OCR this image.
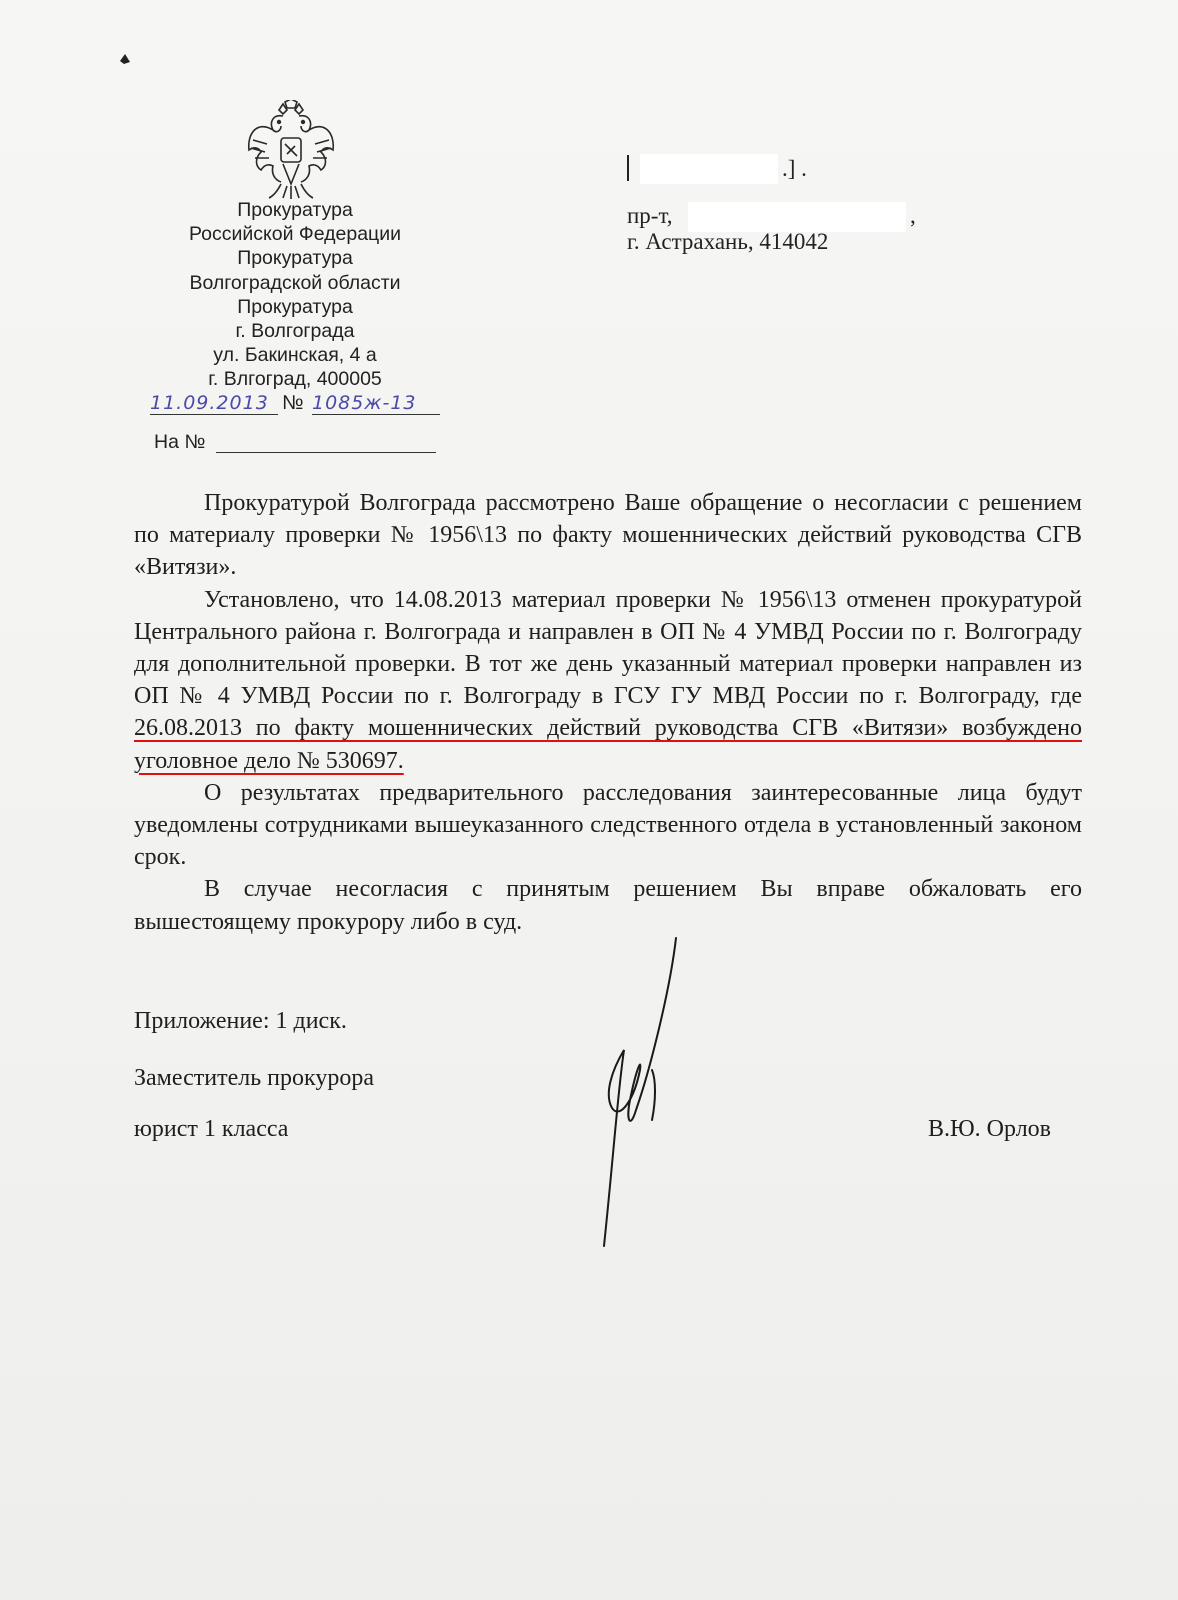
Прокуратура
Российской Федерации
Прокуратура
Волгоградской области
Прокуратура
г. Волгограда
ул. Бакинская, 4 а
г. Влгоград, 400005
11.09.2013 № 1085ж-13
На №
.] .
пр-т,	,
г. Астрахань, 414042

Прокуратурой Волгограда рассмотрено Ваше обращение о несогласии с решением по материалу проверки № 1956\13 по факту мошеннических действий руководства СГВ «Витязи».

Установлено, что 14.08.2013 материал проверки № 1956\13 отменен прокуратурой Центрального района г. Волгограда и направлен в ОП № 4 УМВД России по г. Волгограду для дополнительной проверки. В тот же день указанный материал проверки направлен из ОП № 4 УМВД России по г. Волгограду в ГСУ ГУ МВД России по г. Волгограду, где 26.08.2013 по факту мошеннических действий руководства СГВ «Витязи» возбуждено уголовное дело № 530697.

О результатах предварительного расследования заинтересованные лица будут уведомлены сотрудниками вышеуказанного следственного отдела в установленный законом срок.

В случае несогласия с принятым решением Вы вправе обжаловать его вышестоящему прокурору либо в суд.

Приложение: 1 диск.
Заместитель прокурора
юрист 1 класса	В.Ю. Орлов
